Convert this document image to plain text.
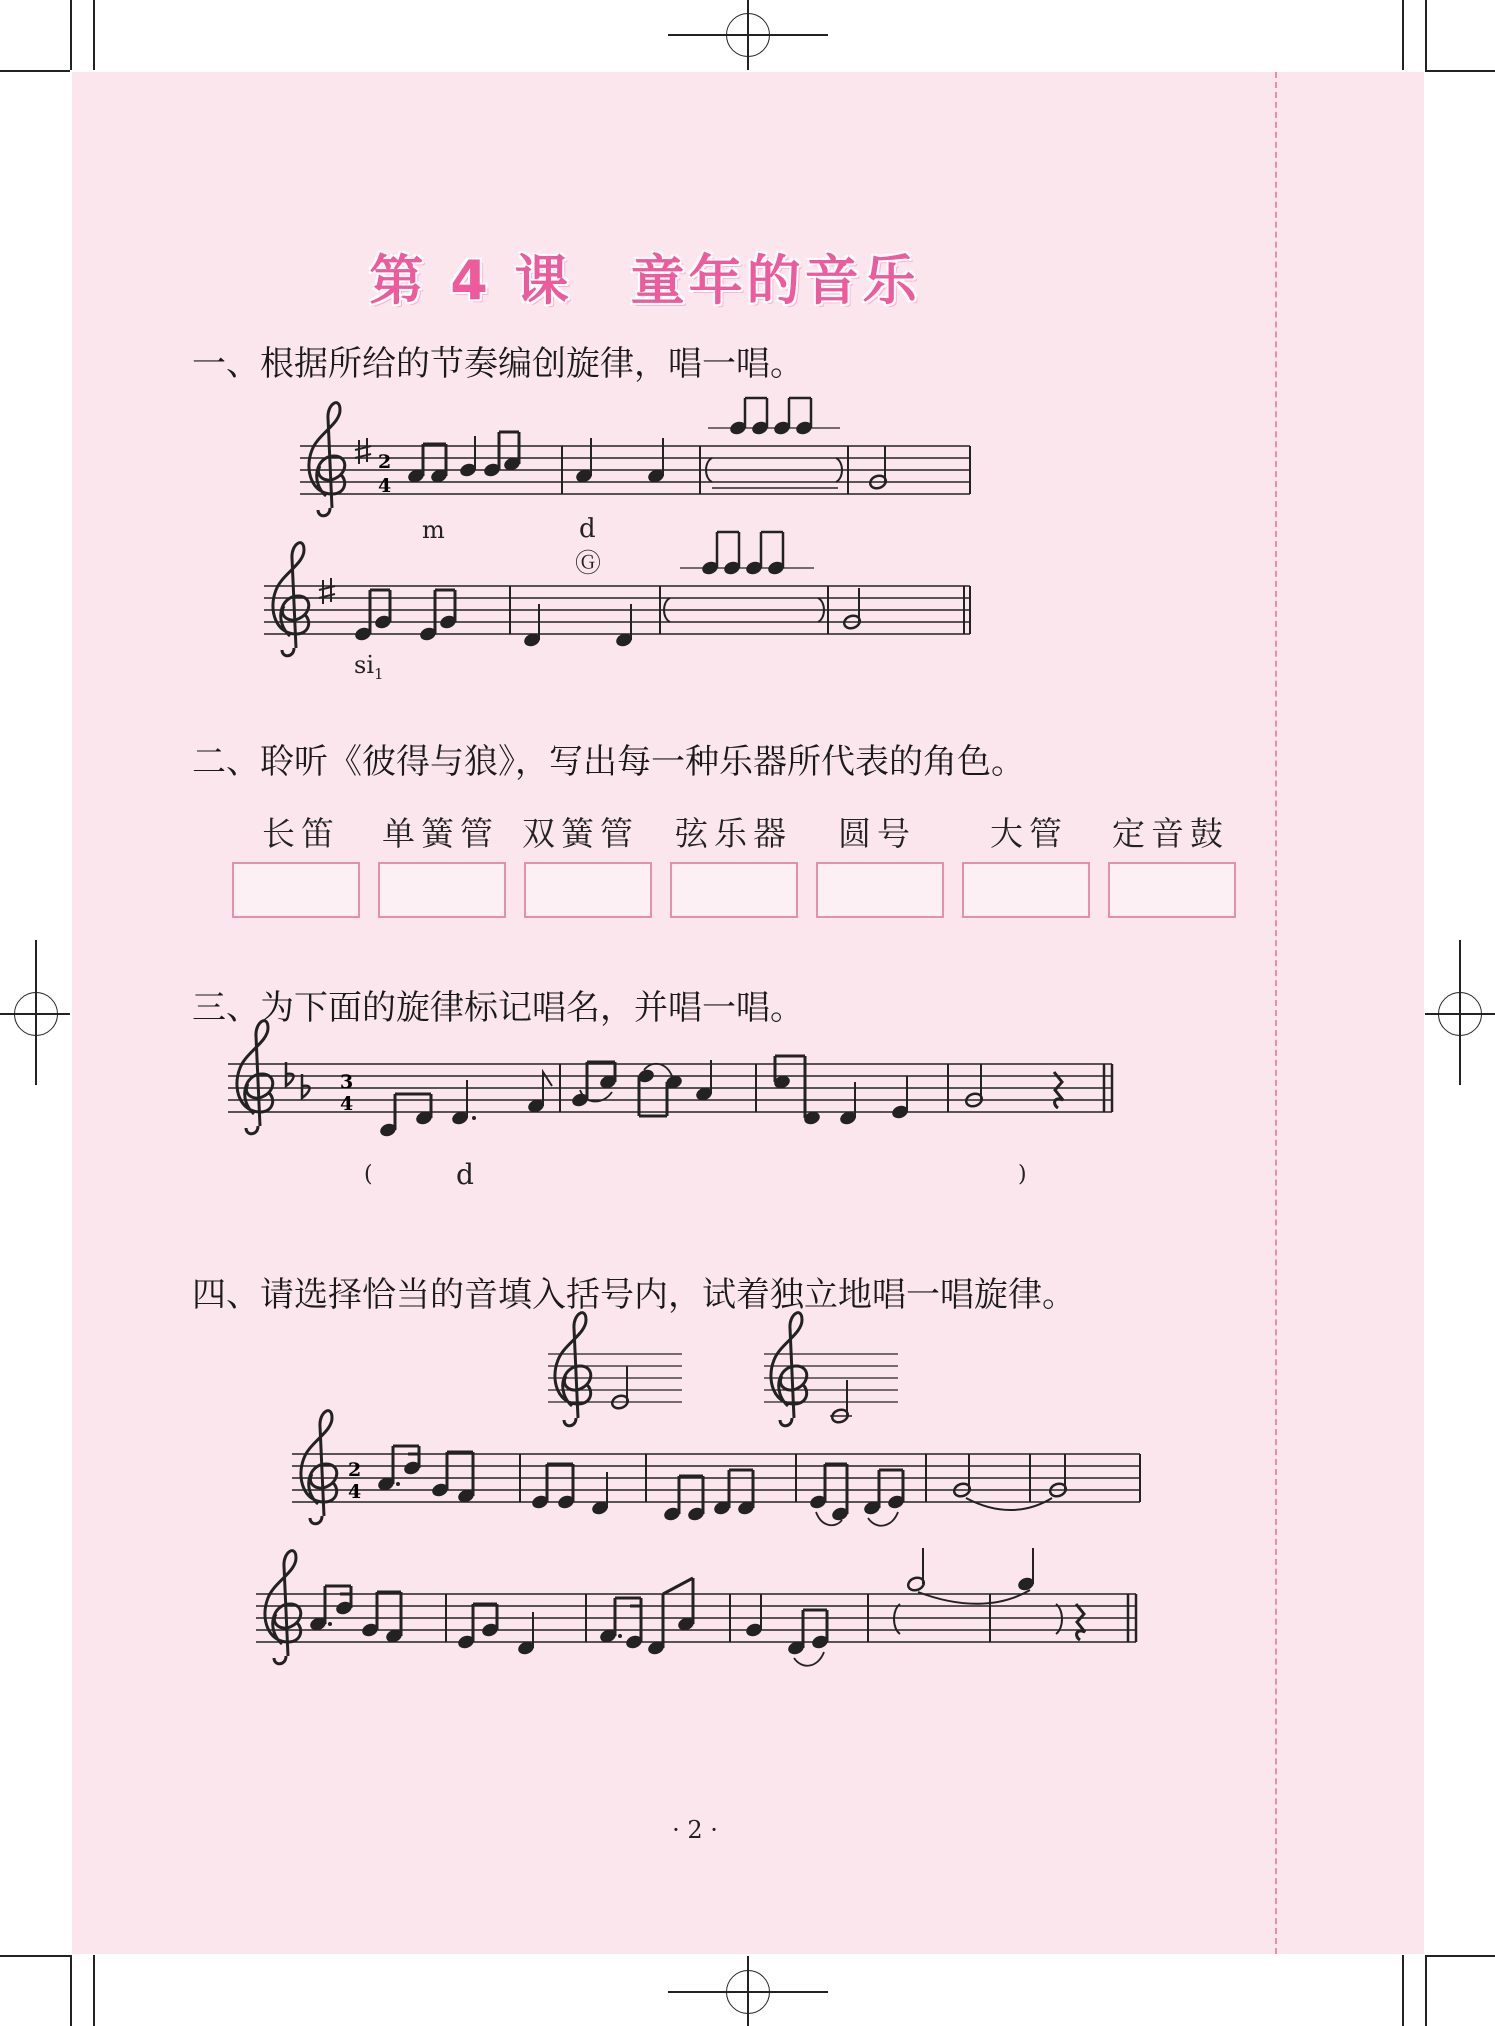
第 4 课　童年的音乐
一、根据所给的节奏编创旋律，唱一唱。
二、聆听《彼得与狼》，写出每一种乐器所代表的角色。
三、为下面的旋律标记唱名，并唱一唱。
四、请选择恰当的音填入括号内，试着独立地唱一唱旋律。
m	d
Ⓖ
$si_1$
长笛 单簧管 双簧管 弦乐器 圆号 大管 定音鼓
(	d	)
· 2 ·
2
4
3
4
2
4
